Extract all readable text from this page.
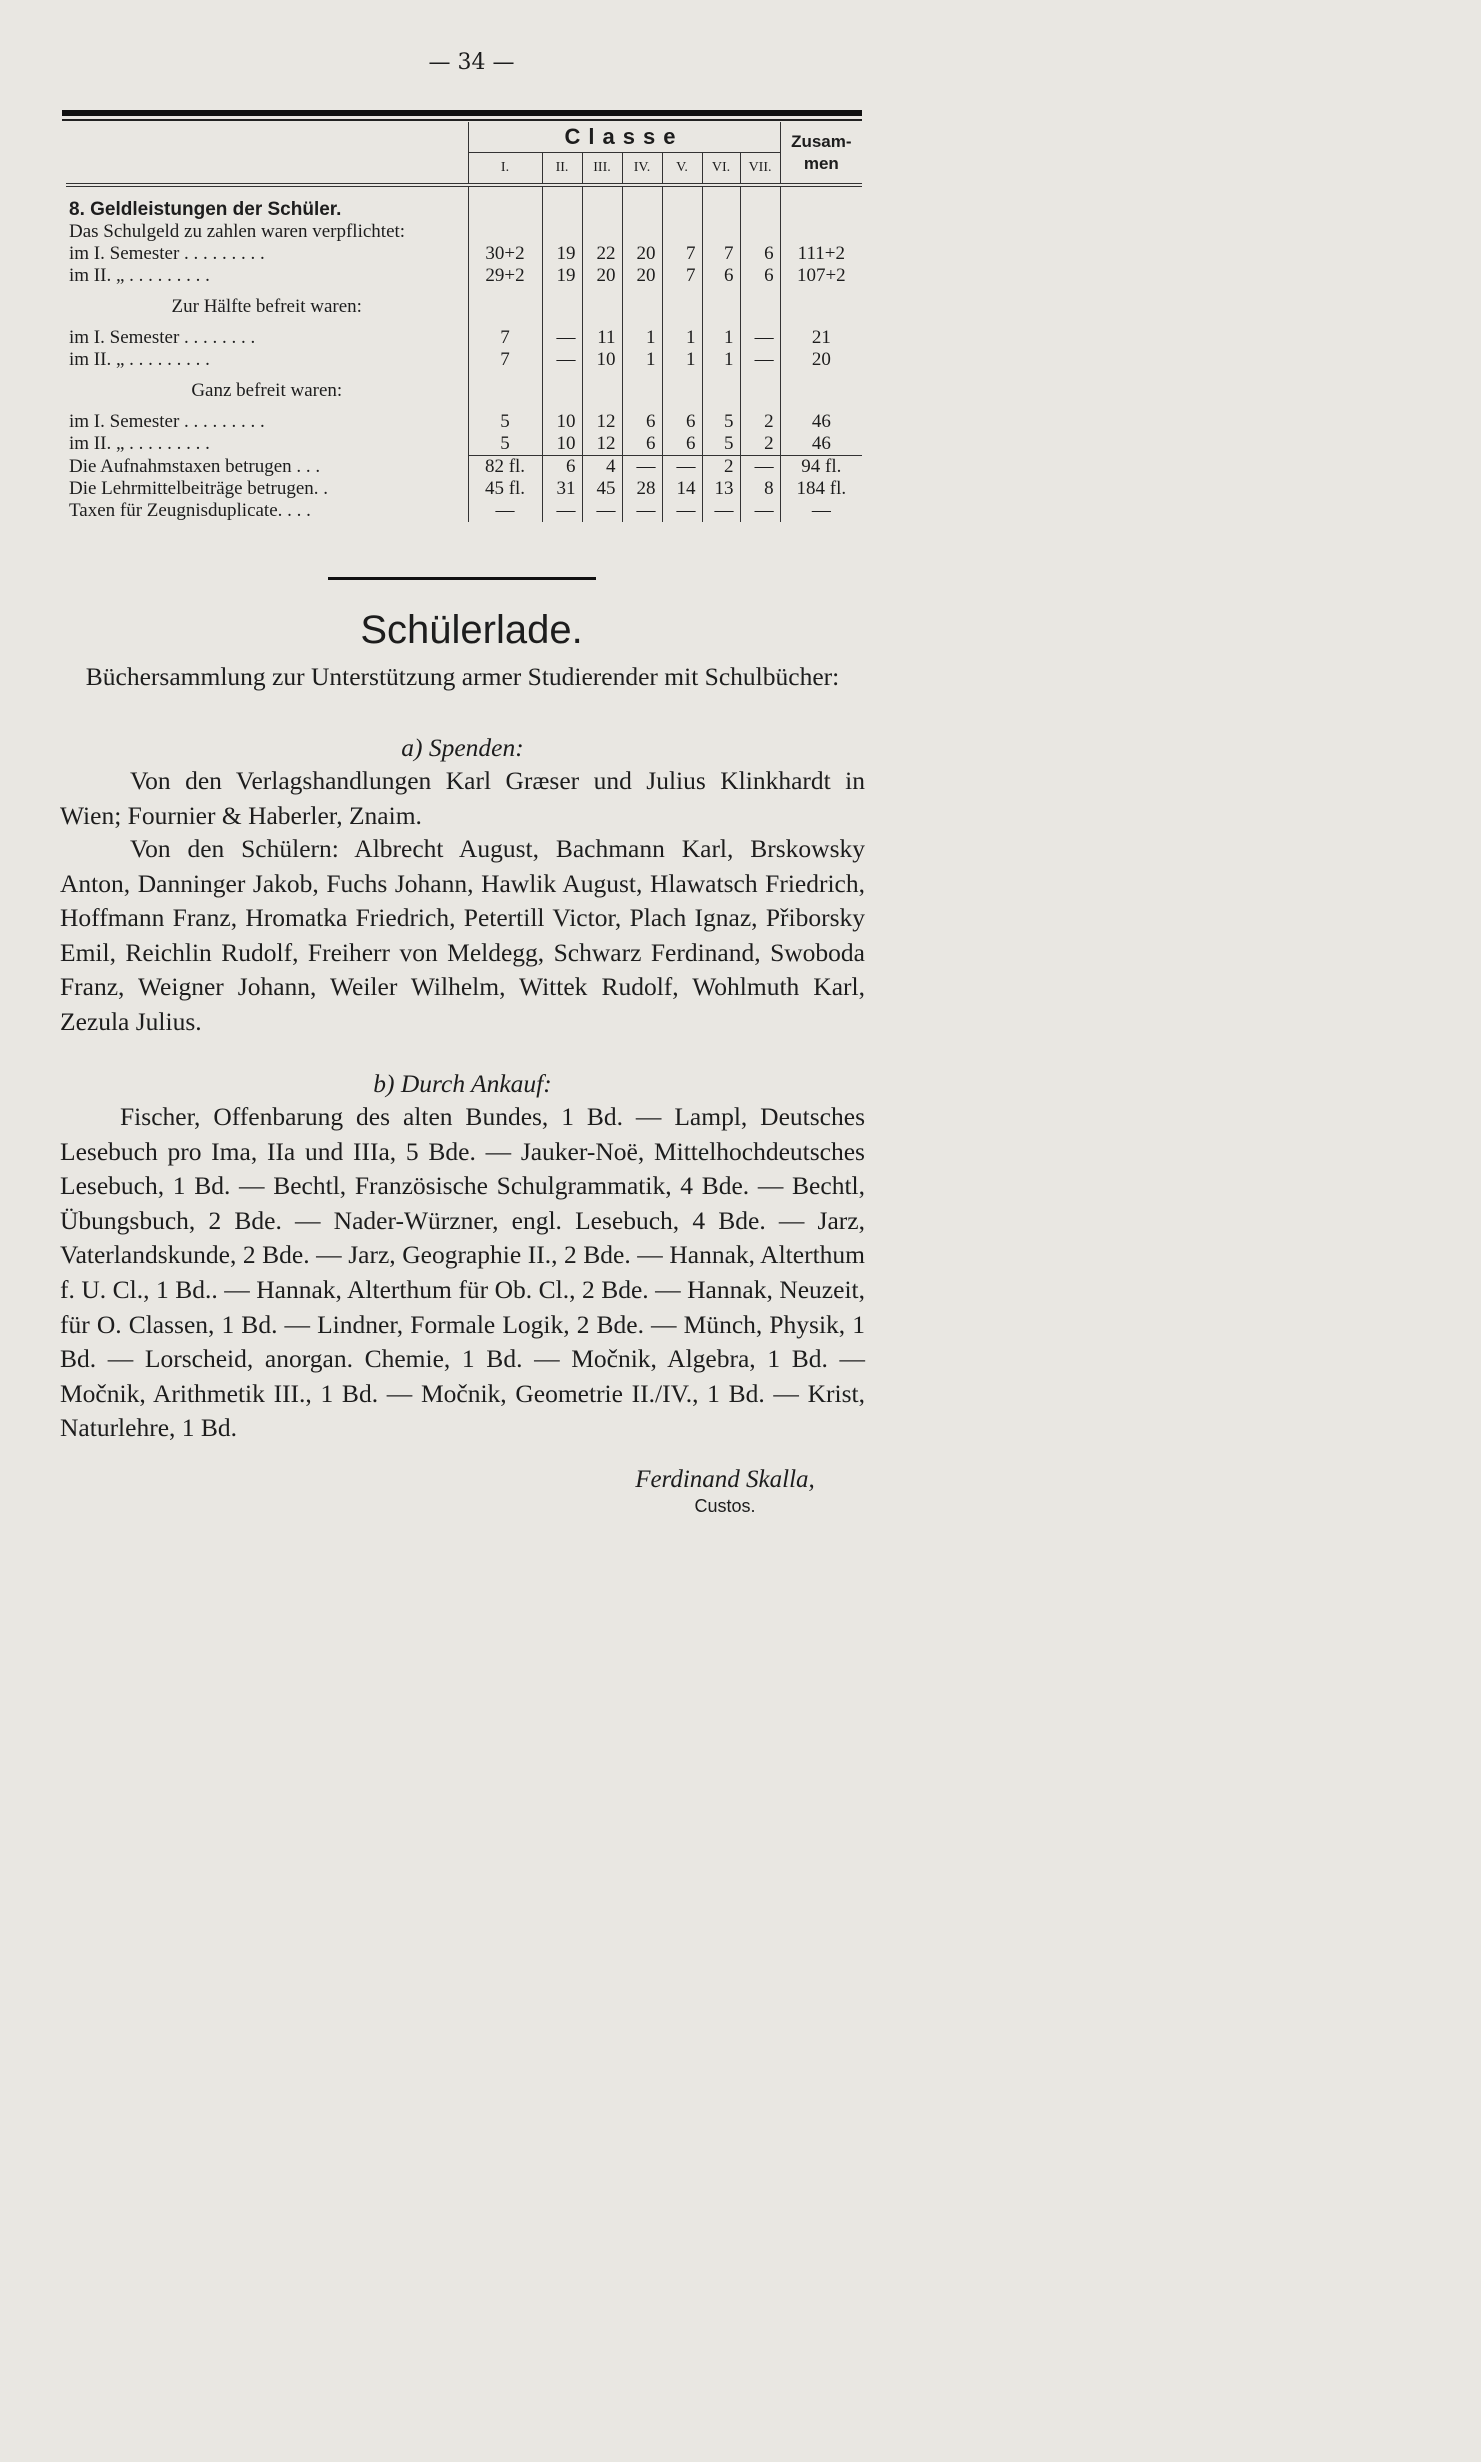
— 34 —
	Classe							Zusam-
men
	I.	II.	III.	IV.	V.	VI.	VII.	
8. Geldleistungen der Schüler.								
Das Schulgeld zu zahlen waren verpflichtet:								
im I. Semester . . . . . . . . .	30+2	19	22	20	7	7	6	111+2
im II. „ . . . . . . . . .	29+2	19	20	20	7	6	6	107+2
Zur Hälfte befreit waren:								
im I. Semester . . . . . . . .	7	—	11	1	1	1	—	21
im II. „ . . . . . . . . .	7	—	10	1	1	1	—	20
Ganz befreit waren:								
im I. Semester . . . . . . . . .	5	10	12	6	6	5	2	46
im II. „ . . . . . . . . .	5	10	12	6	6	5	2	46
Die Aufnahmstaxen betrugen . . .	82 fl.	6	4	—	—	2	—	94 fl.
Die Lehrmittelbeiträge betrugen. .	45 fl.	31	45	28	14	13	8	184 fl.
Taxen für Zeugnisduplicate. . . .	—	—	—	—	—	—	—	—
Schülerlade.
Büchersammlung zur Unterstützung armer Studierender mit Schulbücher:
a) Spenden:
Von den Verlagshandlungen Karl Græser und Julius Klinkhardt in Wien; Fournier & Haberler, Znaim.
Von den Schülern: Albrecht August, Bachmann Karl, Brskowsky Anton, Danninger Jakob, Fuchs Johann, Hawlik August, Hlawatsch Friedrich, Hoffmann Franz, Hromatka Friedrich, Petertill Victor, Plach Ignaz, Přiborsky Emil, Reichlin Rudolf, Freiherr von Meldegg, Schwarz Ferdinand, Swoboda Franz, Weigner Johann, Weiler Wilhelm, Wittek Rudolf, Wohlmuth Karl, Zezula Julius.
b) Durch Ankauf:
Fischer, Offenbarung des alten Bundes, 1 Bd. — Lampl, Deutsches Lesebuch pro Ima, IIa und IIIa, 5 Bde. — Jauker-Noë, Mittelhochdeutsches Lesebuch, 1 Bd. — Bechtl, Französische Schulgrammatik, 4 Bde. — Bechtl, Übungsbuch, 2 Bde. — Nader-Würzner, engl. Lesebuch, 4 Bde. — Jarz, Vaterlandskunde, 2 Bde. — Jarz, Geographie II., 2 Bde. — Hannak, Alterthum f. U. Cl., 1 Bd.. — Hannak, Alterthum für Ob. Cl., 2 Bde. — Hannak, Neuzeit, für O. Classen, 1 Bd. — Lindner, Formale Logik, 2 Bde. — Münch, Physik, 1 Bd. — Lorscheid, anorgan. Chemie, 1 Bd. — Močnik, Algebra, 1 Bd. — Močnik, Arithmetik III., 1 Bd. — Močnik, Geometrie II./IV., 1 Bd. — Krist, Naturlehre, 1 Bd.
Ferdinand Skalla,
Custos.
